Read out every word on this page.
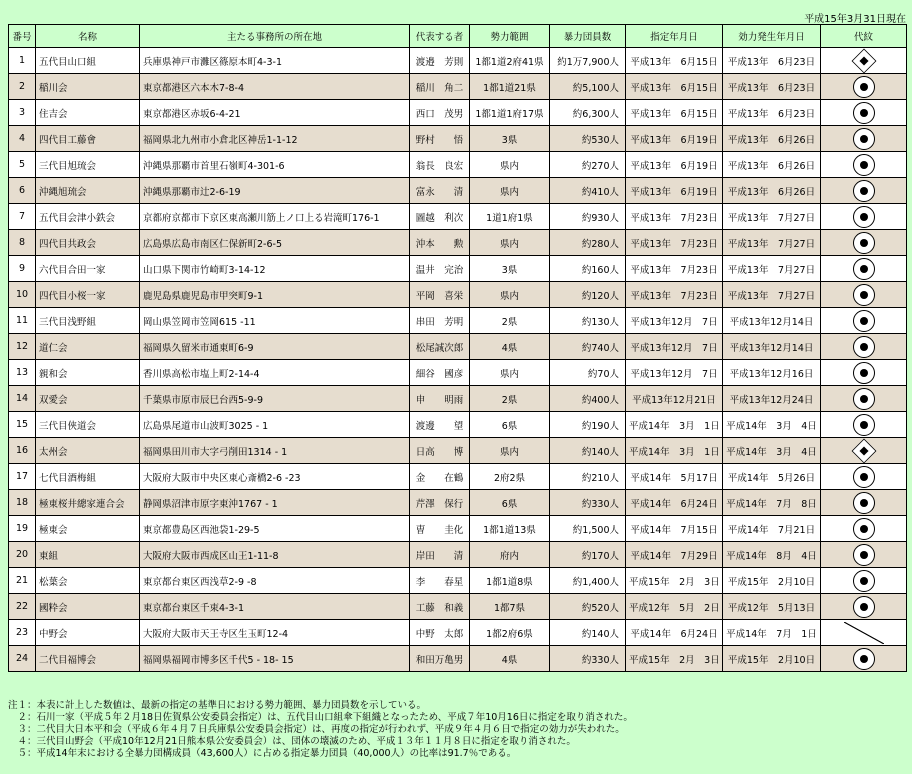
平成15年3月31日現在
番号	名称	主たる事務所の所在地	代表する者	勢力範囲	暴力団員数	指定年月日	効力発生年月日	代紋
1	五代目山口組	兵庫県神戸市灘区篠原本町4-3-1	渡邉　芳則	1都1道2府41県	約1万7,900人	平成13年　6月15日	平成13年　6月23日	
2	稲川会	東京都港区六本木7-8-4	稲川　角二	1都1道21県	約5,100人	平成13年　6月15日	平成13年　6月23日	
3	住吉会	東京都港区赤坂6-4-21	西口　茂男	1都1道1府17県	約6,300人	平成13年　6月15日	平成13年　6月23日	
4	四代目工藤會	福岡県北九州市小倉北区神岳1-1-12	野村　　悟	3県	約530人	平成13年　6月19日	平成13年　6月26日	
5	三代目旭琉会	沖縄県那覇市首里石嶺町4-301-6	翁長　良宏	県内	約270人	平成13年　6月19日	平成13年　6月26日	
6	沖縄旭琉会	沖縄県那覇市辻2-6-19	富永　　清	県内	約410人	平成13年　6月19日	平成13年　6月26日	
7	五代目会津小鉄会	京都府京都市下京区東高瀬川筋上ノ口上る岩滝町176-1	圖越　利次	1道1府1県	約930人	平成13年　7月23日	平成13年　7月27日	
8	四代目共政会	広島県広島市南区仁保新町2-6-5	沖本　　勲	県内	約280人	平成13年　7月23日	平成13年　7月27日	
9	六代目合田一家	山口県下関市竹崎町3-14-12	温井　完治	3県	約160人	平成13年　7月23日	平成13年　7月27日	
10	四代目小桜一家	鹿児島県鹿児島市甲突町9-1	平岡　喜栄	県内	約120人	平成13年　7月23日	平成13年　7月27日	
11	三代目浅野組	岡山県笠岡市笠岡615 -11	串田　芳明	2県	約130人	平成13年12月　7日	平成13年12月14日	
12	道仁会	福岡県久留米市通東町6-9	松尾誠次郎	4県	約740人	平成13年12月　7日	平成13年12月14日	
13	親和会	香川県高松市塩上町2-14-4	細谷　國彦	県内	約70人	平成13年12月　7日	平成13年12月16日	
14	双愛会	千葉県市原市辰巳台西5-9-9	申　　明雨	2県	約400人	平成13年12月21日	平成13年12月24日	
15	三代目俠道会	広島県尾道市山波町3025 - 1	渡邊　　望	6県	約190人	平成14年　3月　1日	平成14年　3月　4日	
16	太州会	福岡県田川市大字弓削田1314 - 1	日高　　博	県内	約140人	平成14年　3月　1日	平成14年　3月　4日	
17	七代目酒梅組	大阪府大阪市中央区東心斎橋2-6 -23	金　　在鶴	2府2県	約210人	平成14年　5月17日	平成14年　5月26日	
18	極東桜井總家連合会	静岡県沼津市原字東沖1767 - 1	芹澤　保行	6県	約330人	平成14年　6月24日	平成14年　7月　8日	
19	極東会	東京都豊島区西池袋1-29-5	曺　　圭化	1都1道13県	約1,500人	平成14年　7月15日	平成14年　7月21日	
20	東組	大阪府大阪市西成区山王1-11-8	岸田　　清	府内	約170人	平成14年　7月29日	平成14年　8月　4日	
21	松葉会	東京都台東区西浅草2-9 -8	李　　春星	1都1道8県	約1,400人	平成15年　2月　3日	平成15年　2月10日	
22	國粋会	東京都台東区千束4-3-1	工藤　和義	1都7県	約520人	平成12年　5月　2日	平成12年　5月13日	
23	中野会	大阪府大阪市天王寺区生玉町12-4	中野　太郎	1都2府6県	約140人	平成14年　6月24日	平成14年　7月　1日	
24	二代目福博会	福岡県福岡市博多区千代5 - 18- 15	和田万亀男	4県	約330人	平成15年　2月　3日	平成15年　2月10日	
注１：本表に計上した数値は、最新の指定の基準日における勢力範囲、暴力団員数を示している。
　２：石川一家（平成５年２月18日佐賀県公安委員会指定）は、五代目山口組傘下組織となったため、平成７年10月16日に指定を取り消された。
　３：二代目大日本平和会（平成６年４月７日兵庫県公安委員会指定）は、再度の指定が行われず、平成９年４月６日で指定の効力が失われた。
　４：三代目山野会（平成10年12月21日熊本県公安委員会）は、団体の壊滅のため、平成１３年１１月８日に指定を取り消された。
　５：平成14年末における全暴力団構成員（43,600人）に占める指定暴力団員（40,000人）の比率は91.7％である。
